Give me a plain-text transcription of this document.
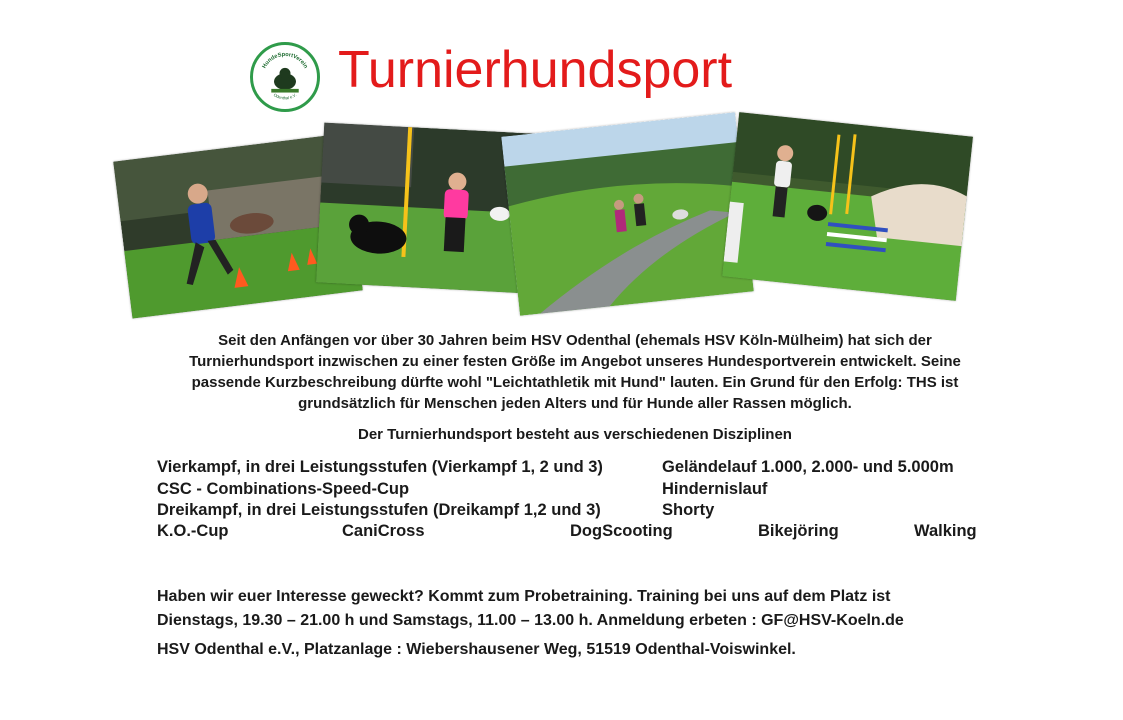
HundeSportVerein
Odenthal e.V. Turnierhundsport
Seit den Anfängen vor über 30 Jahren beim HSV Odenthal (ehemals HSV Köln-Mülheim) hat sich der
Turnierhundsport inzwischen zu einer festen Größe im Angebot unseres Hundesportverein entwickelt. Seine
passende Kurzbeschreibung dürfte wohl "Leichtathletik mit Hund" lauten. Ein Grund für den Erfolg: THS ist
grundsätzlich für Menschen jeden Alters und für Hunde aller Rassen möglich.
Der Turnierhundsport besteht aus verschiedenen Disziplinen
Vierkampf, in drei Leistungsstufen (Vierkampf 1, 2 und 3)	Geländelauf 1.000, 2.000- und 5.000m
CSC - Combinations-Speed-Cup	Hindernislauf
Dreikampf, in drei Leistungsstufen (Dreikampf 1,2 und 3)	Shorty
K.O.-Cup	CaniCross	DogScooting	Bikejöring	Walking
Haben wir euer Interesse geweckt? Kommt zum Probetraining. Training bei uns auf dem Platz ist
Dienstags, 19.30 – 21.00 h und Samstags, 11.00 – 13.00 h. Anmeldung erbeten : GF@HSV-Koeln.de
HSV Odenthal e.V., Platzanlage : Wiebershausener Weg, 51519 Odenthal-Voiswinkel.
